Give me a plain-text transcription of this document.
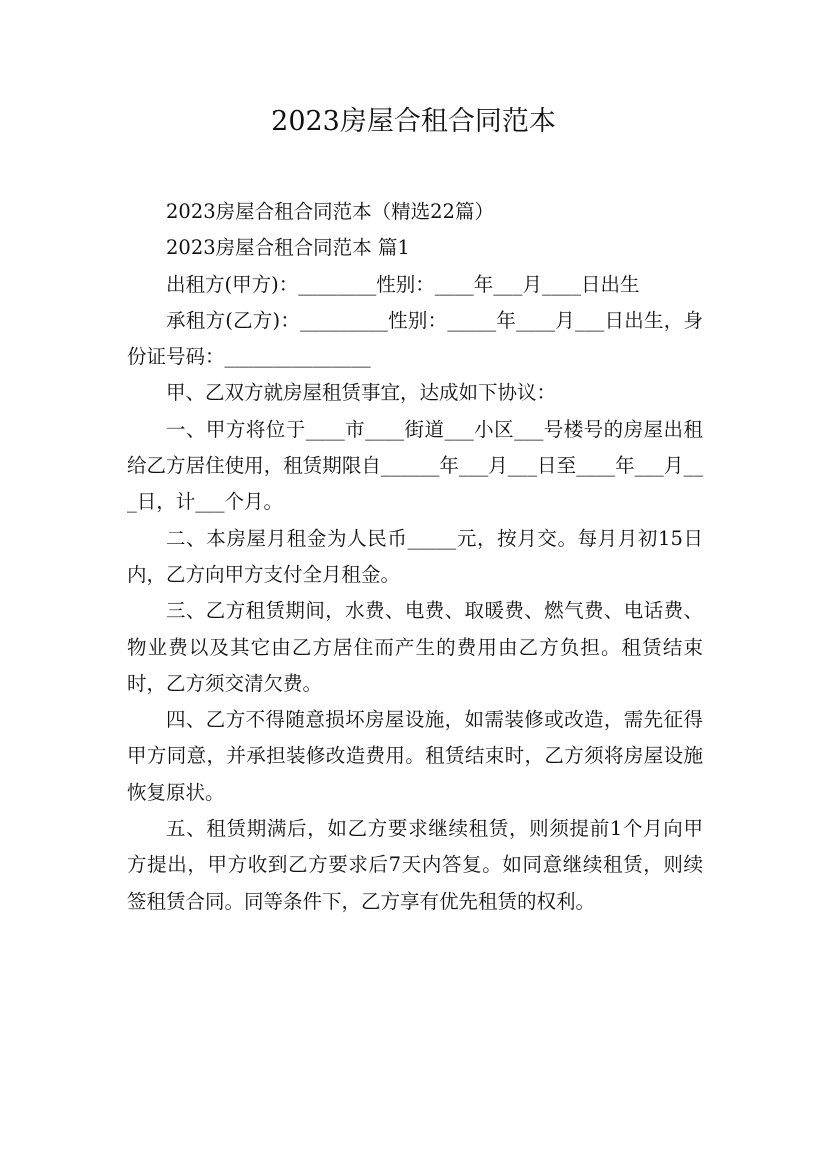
2023房屋合租合同范本

2023房屋合租合同范本（精选22篇）

2023房屋合租合同范本 篇1

出租方(甲方)：________性别：____年___月____日出生

承租方(乙方)：_________性别：_____年____月___日出生，身份证号码：_______________

甲、乙双方就房屋租赁事宜，达成如下协议：

一、甲方将位于____市____街道___小区___号楼号的房屋出租给乙方居住使用，租赁期限自______年___月___日至____年___月___日，计___个月。

二、本房屋月租金为人民币_____元，按月交。每月月初15日内，乙方向甲方支付全月租金。

三、乙方租赁期间，水费、电费、取暖费、燃气费、电话费、物业费以及其它由乙方居住而产生的费用由乙方负担。租赁结束时，乙方须交清欠费。

四、乙方不得随意损坏房屋设施，如需装修或改造，需先征得甲方同意，并承担装修改造费用。租赁结束时，乙方须将房屋设施恢复原状。

五、租赁期满后，如乙方要求继续租赁，则须提前1个月向甲方提出，甲方收到乙方要求后7天内答复。如同意继续租赁，则续签租赁合同。同等条件下，乙方享有优先租赁的权利。
